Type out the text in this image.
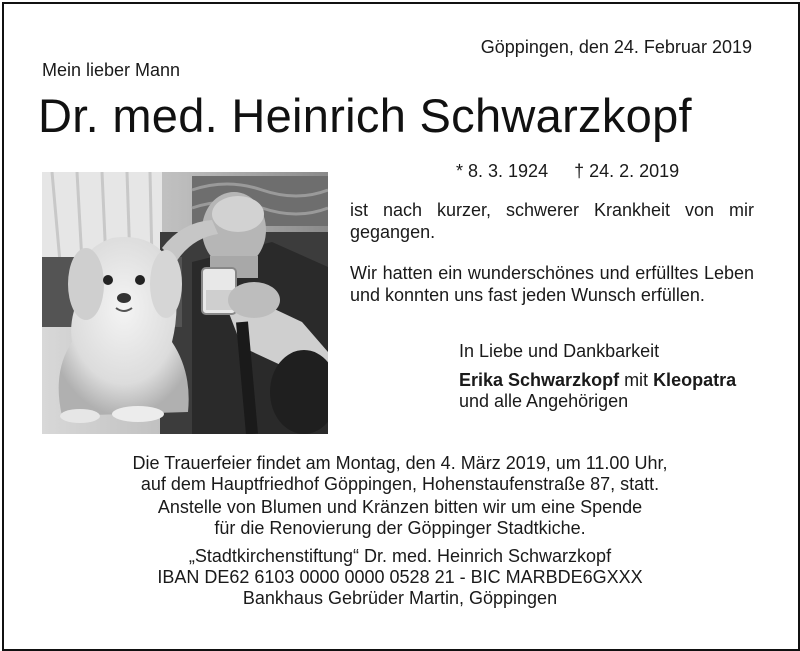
Göppingen, den 24. Februar 2019
Mein lieber Mann
Dr. med. Heinrich Schwarzkopf
* 8. 3. 1924 † 24. 2. 2019
ist nach kurzer, schwerer Krankheit von mir gegangen.
Wir hatten ein wunderschönes und erfülltes Leben und konnten uns fast jeden Wunsch erfüllen.
In Liebe und Dankbarkeit
Erika Schwarzkopf mit Kleopatra
und alle Angehörigen
Die Trauerfeier findet am Montag, den 4. März 2019, um 11.00 Uhr,
auf dem Hauptfriedhof Göppingen, Hohenstaufenstraße 87, statt.
Anstelle von Blumen und Kränzen bitten wir um eine Spende
für die Renovierung der Göppinger Stadtkiche.
„Stadtkirchenstiftung“ Dr. med. Heinrich Schwarzkopf
IBAN DE62 6103 0000 0000 0528 21 - BIC MARBDE6GXXX
Bankhaus Gebrüder Martin, Göppingen
